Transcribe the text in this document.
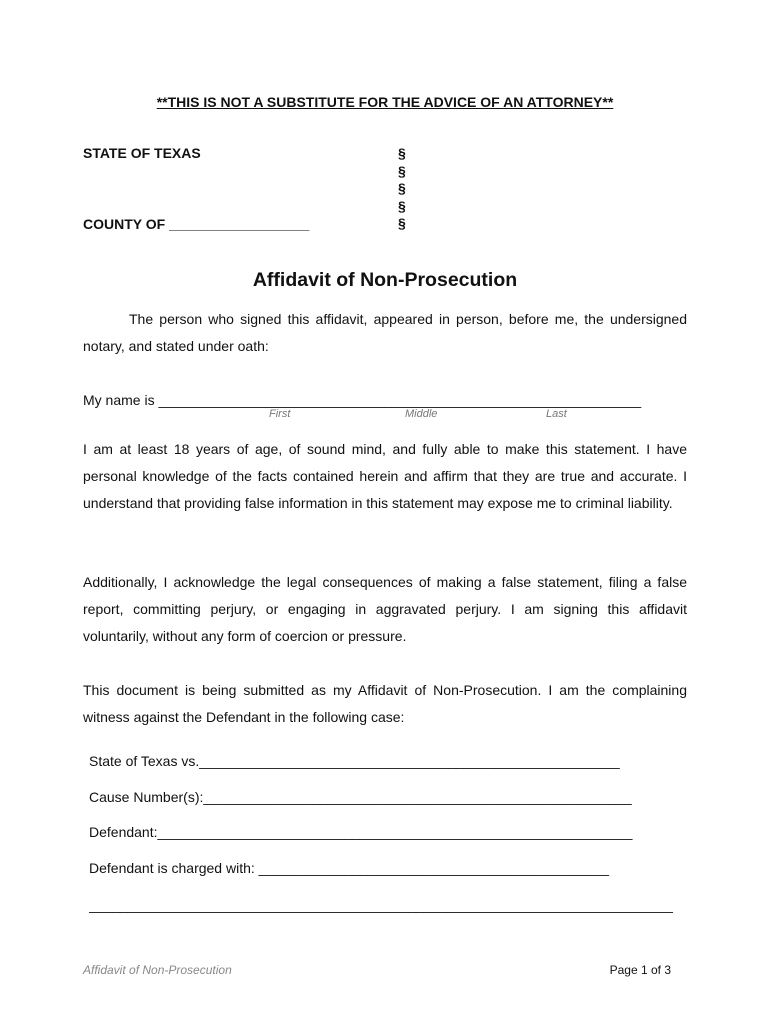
**THIS IS NOT A SUBSTITUTE FOR THE ADVICE OF AN ATTORNEY**
STATE OF TEXAS
COUNTY OF __________________
§
§
§
§
§
Affidavit of Non-Prosecution
The person who signed this affidavit, appeared in person, before me, the undersigned notary, and stated under oath:
My name is ______________________________________________________________
First	Middle	Last
I am at least 18 years of age, of sound mind, and fully able to make this statement. I have personal knowledge of the facts contained herein and affirm that they are true and accurate. I understand that providing false information in this statement may expose me to criminal liability.
Additionally, I acknowledge the legal consequences of making a false statement, filing a false report, committing perjury, or engaging in aggravated perjury. I am signing this affidavit voluntarily, without any form of coercion or pressure.
This document is being submitted as my Affidavit of Non-Prosecution. I am the complaining witness against the Defendant in the following case:
State of Texas vs.______________________________________________________
Cause Number(s):_______________________________________________________
Defendant:_____________________________________________________________
Defendant is charged with: _____________________________________________
___________________________________________________________________________
Affidavit of Non-Prosecution	Page 1 of 3
